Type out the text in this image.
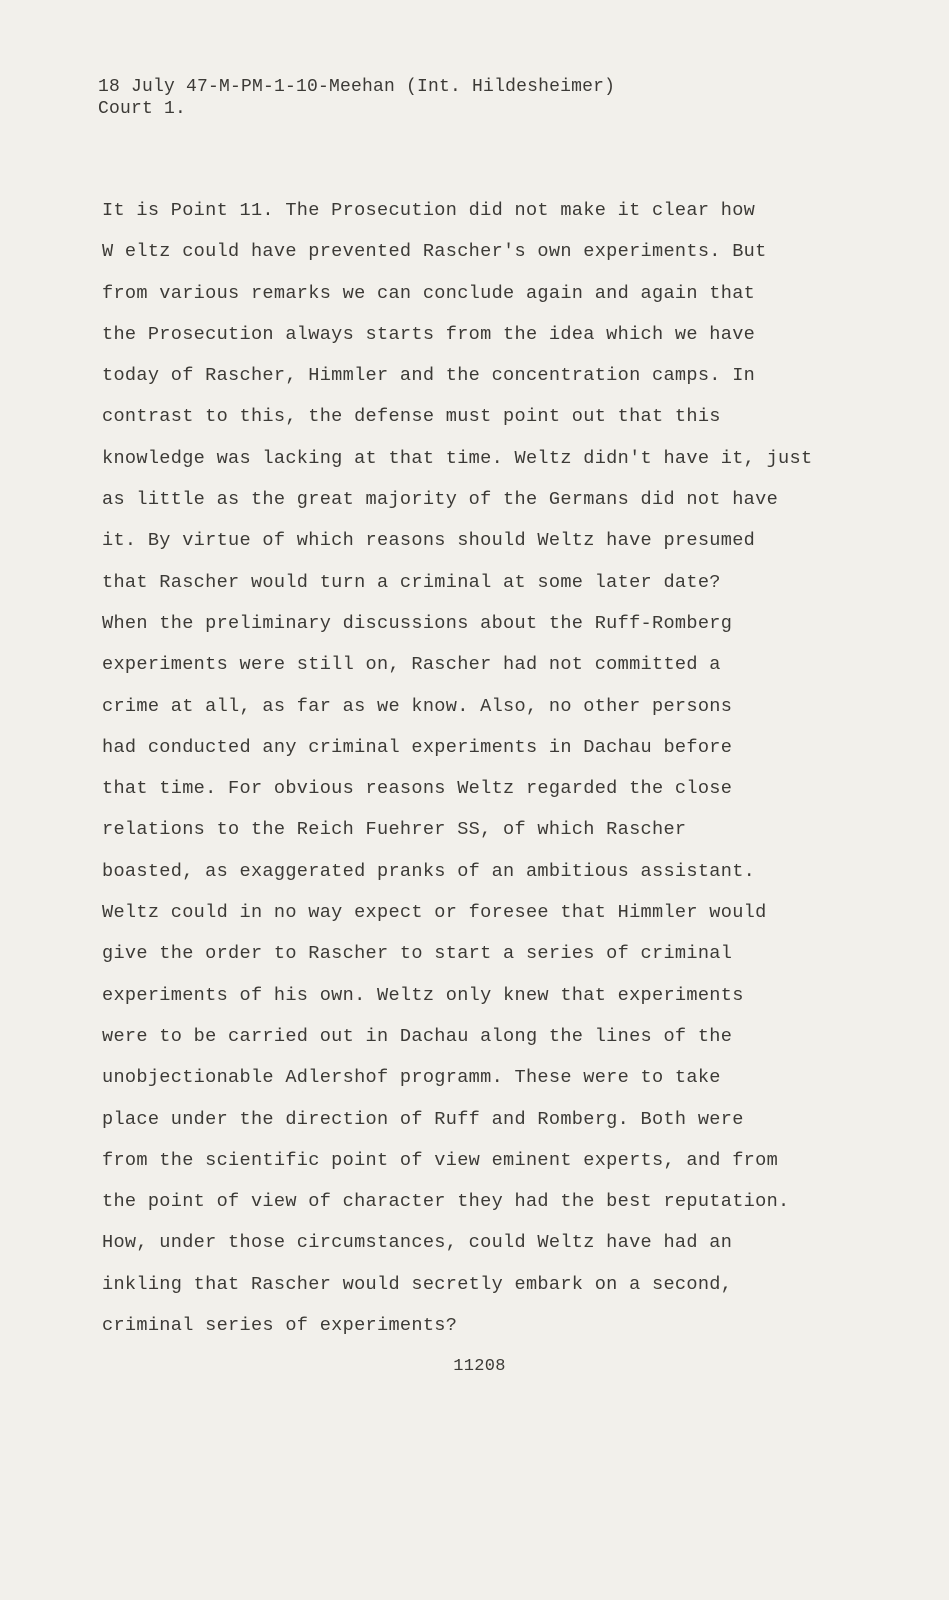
18 July 47-M-PM-1-10-Meehan (Int. Hildesheimer)
Court 1.
It is Point 11. The Prosecution did not make it clear how
W eltz could have prevented Rascher's own experiments. But
from various remarks we can conclude again and again that
the Prosecution always starts from the idea which we have
today of Rascher, Himmler and the concentration camps. In
contrast to this, the defense must point out that this
knowledge was lacking at that time. Weltz didn't have it, just
as little as the great majority of the Germans did not have
it. By virtue of which reasons should Weltz have presumed
that Rascher would turn a criminal at some later date?
When the preliminary discussions about the Ruff-Romberg
experiments were still on, Rascher had not committed a
crime at all, as far as we know. Also, no other persons
had conducted any criminal experiments in Dachau before
that time. For obvious reasons Weltz regarded the close
relations to the Reich Fuehrer SS, of which Rascher
boasted, as exaggerated pranks of an ambitious assistant.
Weltz could in no way expect or foresee that Himmler would
give the order to Rascher to start a series of criminal
experiments of his own. Weltz only knew that experiments
were to be carried out in Dachau along the lines of the
unobjectionable Adlershof programm. These were to take
place under the direction of Ruff and Romberg. Both were
from the scientific point of view eminent experts, and from
the point of view of character they had the best reputation.
How, under those circumstances, could Weltz have had an
inkling that Rascher would secretly embark on a second,
criminal series of experiments?
11208
